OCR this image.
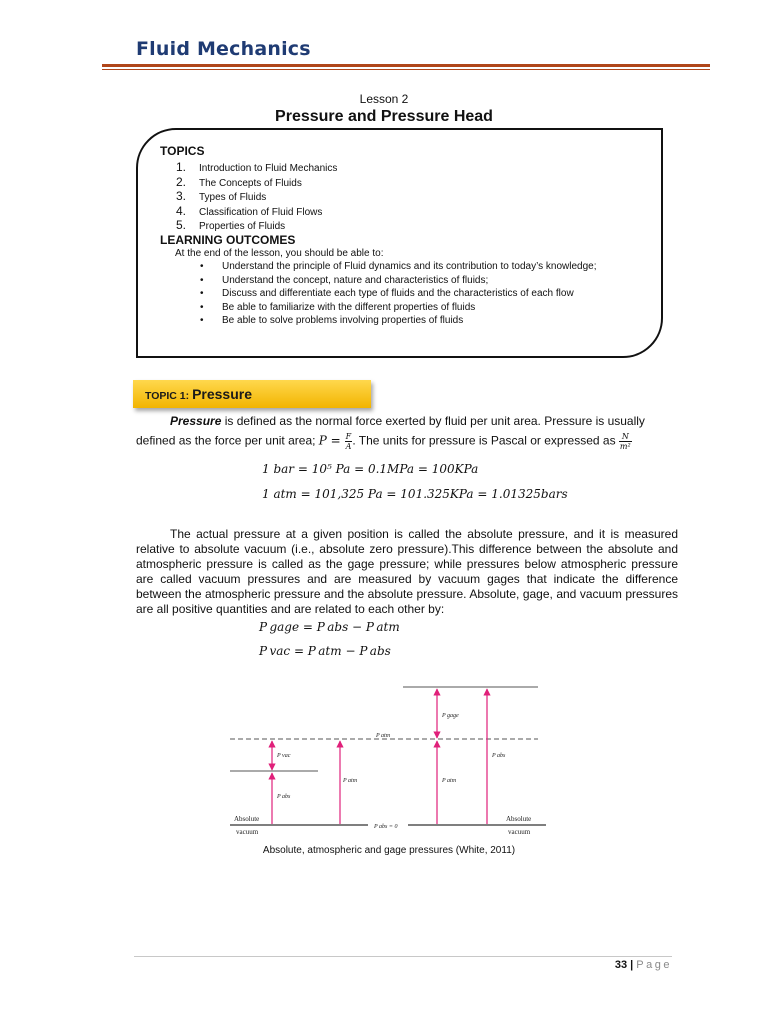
Fluid Mechanics
Lesson 2
Pressure and Pressure Head
TOPICS
1. Introduction to Fluid Mechanics
2. The Concepts of Fluids
3. Types of Fluids
4. Classification of Fluid Flows
5. Properties of Fluids
LEARNING OUTCOMES
At the end of the lesson, you should be able to:
• Understand the principle of Fluid dynamics and its contribution to today’s knowledge;
• Understand the concept, nature and characteristics of fluids;
• Discuss and differentiate each type of fluids and the characteristics of each flow
• Be able to familiarize with the different properties of fluids
• Be able to solve problems involving properties of fluids
TOPIC 1: Pressure

Pressure is defined as the normal force exerted by fluid per unit area. Pressure is usually

defined as the force per unit area; $P = \frac{F}{A}$ . The units for pressure is Pascal or expressed as $\frac{N}{\text{m²}}$

1 bar = 10⁵ Pa = 0.1MPa = 100KPa
1 atm = 101,325 Pa = 101.325KPa = 1.01325bars

The actual pressure at a given position is called the absolute pressure, and it is measured relative to absolute vacuum (i.e., absolute zero pressure).This difference between the absolute and atmospheric pressure is called as the gage pressure; while pressures below atmospheric pressure are called vacuum pressures and are measured by vacuum gages that indicate the difference between the atmospheric pressure and the absolute pressure. Absolute, gage, and vacuum pressures are all positive quantities and are related to each other by:

P gage = P abs − P atm
P vac = P atm − P abs
P vac
P abs
P atm
P atm
P gage
P atm
P abs
P abs = 0
Absolute
vacuum
Absolute
vacuum
Absolute, atmospheric and gage pressures (White, 2011)
33 | Page
